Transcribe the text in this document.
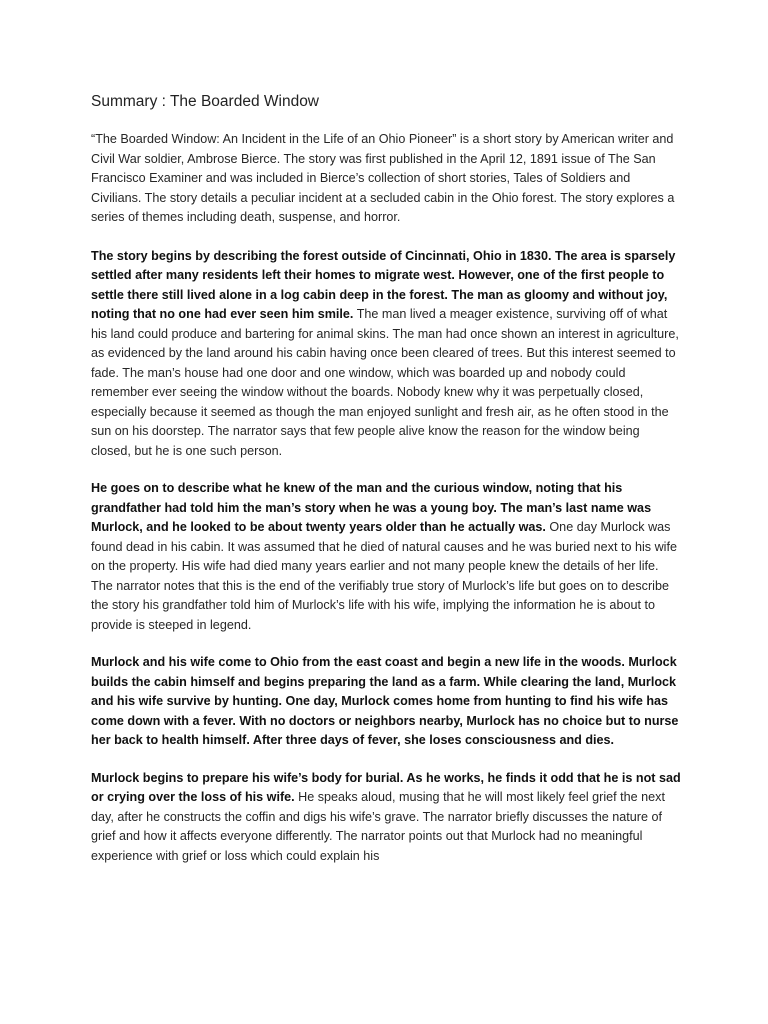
Summary : The Boarded Window

“The Boarded Window: An Incident in the Life of an Ohio Pioneer” is a short story by American writer and Civil War soldier, Ambrose Bierce. The story was first published in the April 12, 1891 issue of The San Francisco Examiner and was included in Bierce’s collection of short stories, Tales of Soldiers and Civilians. The story details a peculiar incident at a secluded cabin in the Ohio forest. The story explores a series of themes including death, suspense, and horror.

The story begins by describing the forest outside of Cincinnati, Ohio in 1830. The area is sparsely settled after many residents left their homes to migrate west. However, one of the first people to settle there still lived alone in a log cabin deep in the forest. The man as gloomy and without joy, noting that no one had ever seen him smile. The man lived a meager existence, surviving off of what his land could produce and bartering for animal skins. The man had once shown an interest in agriculture, as evidenced by the land around his cabin having once been cleared of trees. But this interest seemed to fade. The man’s house had one door and one window, which was boarded up and nobody could remember ever seeing the window without the boards. Nobody knew why it was perpetually closed, especially because it seemed as though the man enjoyed sunlight and fresh air, as he often stood in the sun on his doorstep. The narrator says that few people alive know the reason for the window being closed, but he is one such person.

He goes on to describe what he knew of the man and the curious window, noting that his grandfather had told him the man’s story when he was a young boy. The man’s last name was Murlock, and he looked to be about twenty years older than he actually was. One day Murlock was found dead in his cabin. It was assumed that he died of natural causes and he was buried next to his wife on the property. His wife had died many years earlier and not many people knew the details of her life. The narrator notes that this is the end of the verifiably true story of Murlock’s life but goes on to describe the story his grandfather told him of Murlock’s life with his wife, implying the information he is about to provide is steeped in legend.

Murlock and his wife come to Ohio from the east coast and begin a new life in the woods. Murlock builds the cabin himself and begins preparing the land as a farm. While clearing the land, Murlock and his wife survive by hunting. One day, Murlock comes home from hunting to find his wife has come down with a fever. With no doctors or neighbors nearby, Murlock has no choice but to nurse her back to health himself. After three days of fever, she loses consciousness and dies.

Murlock begins to prepare his wife’s body for burial. As he works, he finds it odd that he is not sad or crying over the loss of his wife. He speaks aloud, musing that he will most likely feel grief the next day, after he constructs the coffin and digs his wife’s grave. The narrator briefly discusses the nature of grief and how it affects everyone differently. The narrator points out that Murlock had no meaningful experience with grief or loss which could explain his
